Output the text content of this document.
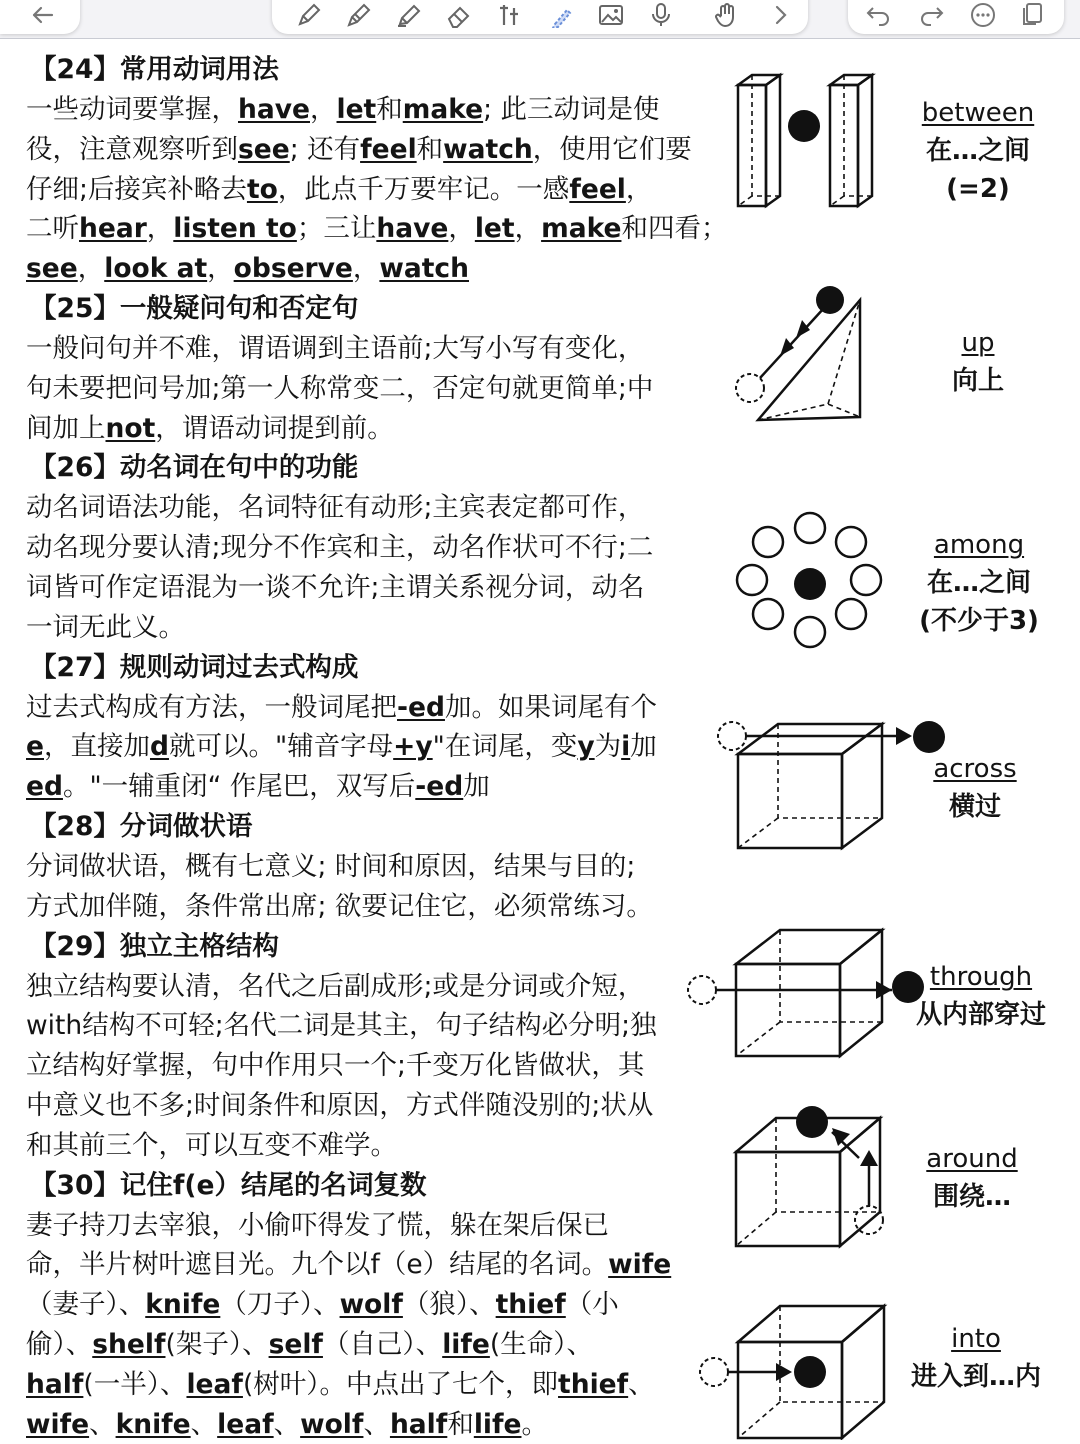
【24】常用动词用法
一些动词要掌握，have，let和make; 此三动词是使
役，注意观察听到see; 还有feel和watch，使用它们要
仔细;后接宾补略去to，此点千万要牢记。一感feel，
二听hear，listen to；三让have，let，make和四看；
see，look at，observe，watch
【25】一般疑问句和否定句
一般问句并不难，谓语调到主语前;大写小写有变化，
句未要把问号加;第一人称常变二，否定句就更简单;中
间加上not，谓语动词提到前。
【26】动名词在句中的功能
动名词语法功能，名词特征有动形;主宾表定都可作，
动名现分要认清;现分不作宾和主，动名作状可不行;二
词皆可作定语混为一谈不允许;主谓关系视分词，动名
一词无此义。
【27】规则动词过去式构成
过去式构成有方法，一般词尾把-ed加。如果词尾有个
e，直接加d就可以。"辅音字母+y"在词尾，变y为i加
ed。"一辅重闭“ 作尾巴，双写后-ed加
【28】分词做状语
分词做状语，概有七意义; 时间和原因，结果与目的;
方式加伴随，条件常出席; 欲要记住它，必须常练习。
【29】独立主格结构
独立结构要认清，名代之后副成形;或是分词或介短，
with结构不可轻;名代二词是其主，句子结构必分明;独
立结构好掌握，句中作用只一个;千变万化皆做状，其
中意义也不多;时间条件和原因，方式伴随没别的;状从
和其前三个，可以互变不难学。
【30】记住f(e）结尾的名词复数
妻子持刀去宰狼，小偷吓得发了慌，躲在架后保已
命，半片树叶遮目光。九个以f（e）结尾的名词。wife
（妻子）、knife（刀子）、wolf（狼）、thief（小
偷）、shelf(架子）、self（自己）、life(生命）、
half(一半）、leaf(树叶）。中点出了七个，即thief、
wife、knife、leaf、wolf、half和life。
between
在…之间
(=2)
up
向上
among
在…之间
(不少于3)
across
横过
through
从内部穿过
around
围绕…
into
进入到…内
